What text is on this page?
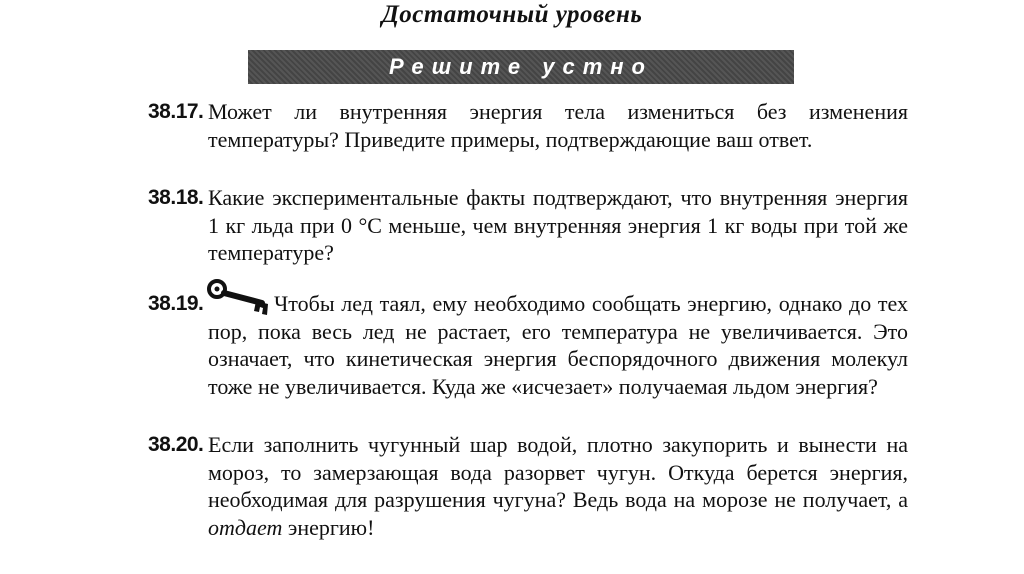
Достаточный уровень
Решите устно
38.17. Может ли внутренняя энергия тела измениться без изменения температуры? Приведите примеры, подтверждающие ваш ответ.
38.18. Какие экспериментальные факты подтверждают, что внутренняя энергия 1 кг льда при 0 °С меньше, чем внутренняя энергия 1 кг воды при той же температуре?
38.19.	Чтобы лед таял, ему необходимо сообщать энергию, однако до тех пор, пока весь лед не растает, его температура не увеличивается. Это означает, что кинетическая энергия беспорядочного движения молекул тоже не увеличивается. Куда же «исчезает» получаемая льдом энергия?
38.20. Если заполнить чугунный шар водой, плотно закупорить и вынести на мороз, то замерзающая вода разорвет чугун. Откуда берется энергия, необходимая для разрушения чугуна? Ведь вода на морозе не получает, а отдает энергию!
